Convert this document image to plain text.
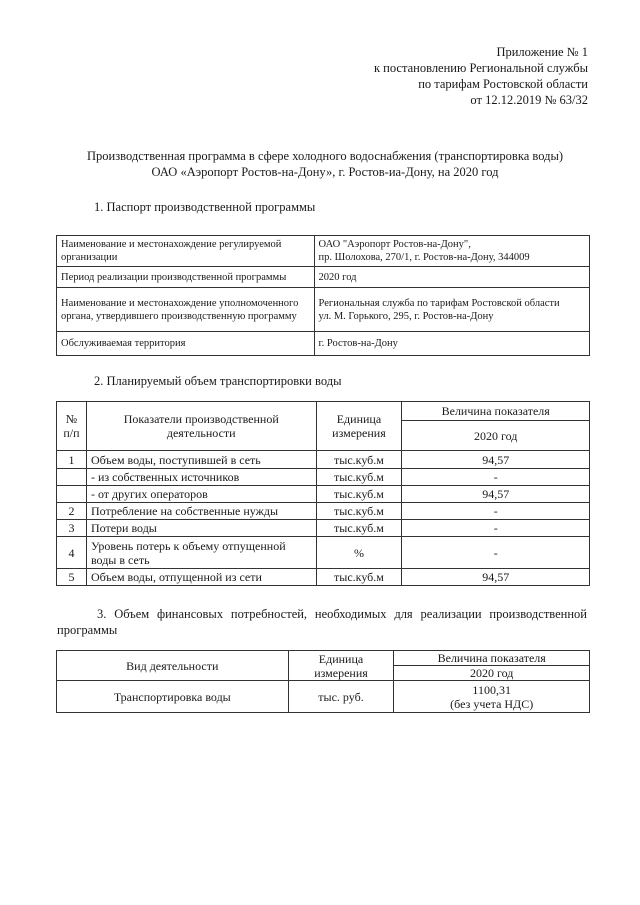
Приложение № 1
к постановлению Региональной службы
по тарифам Ростовской области
от 12.12.2019 № 63/32
Производственная программа в сфере холодного водоснабжения (транспортировка воды)
ОАО «Аэропорт Ростов-на-Дону», г. Ростов-иа-Дону, на 2020 год
1. Паспорт производственной программы
Наименование и местонахождение регулируемой организации	ОАО "Аэропорт Ростов-на-Дону",
пр. Шолохова, 270/1, г. Ростов-на-Дону, 344009

Период реализации производственной программы	2020 год
Наименование и местонахождение уполномоченного органа, утвердившего производственную программу	Региональная служба по тарифам Ростовской области
ул. М. Горького, 295, г. Ростов-на-Дону

Обслуживаемая территория	г. Ростов-на-Дону
2. Планируемый объем транспортировки воды
№ п/п	Показатели производственной деятельности	Единица измерения	Величина показателя
			2020 год
1	Объем воды, поступившей в сеть	тыс.куб.м	94,57
	- из собственных источников	тыс.куб.м	-
	- от других операторов	тыс.куб.м	94,57
2	Потребление на собственные нужды	тыс.куб.м	-
3	Потери воды	тыс.куб.м	-
4	Уровень потерь к объему отпущенной воды в сеть	%	-
5	Объем воды, отпущенной из сети	тыс.куб.м	94,57
3. Объем финансовых потребностей, необходимых для реализации производственной программы
Вид деятельности	Единица измерения	Величина показателя
		2020 год
Транспортировка воды	тыс. руб.	1100,31
(без учета НДС)
